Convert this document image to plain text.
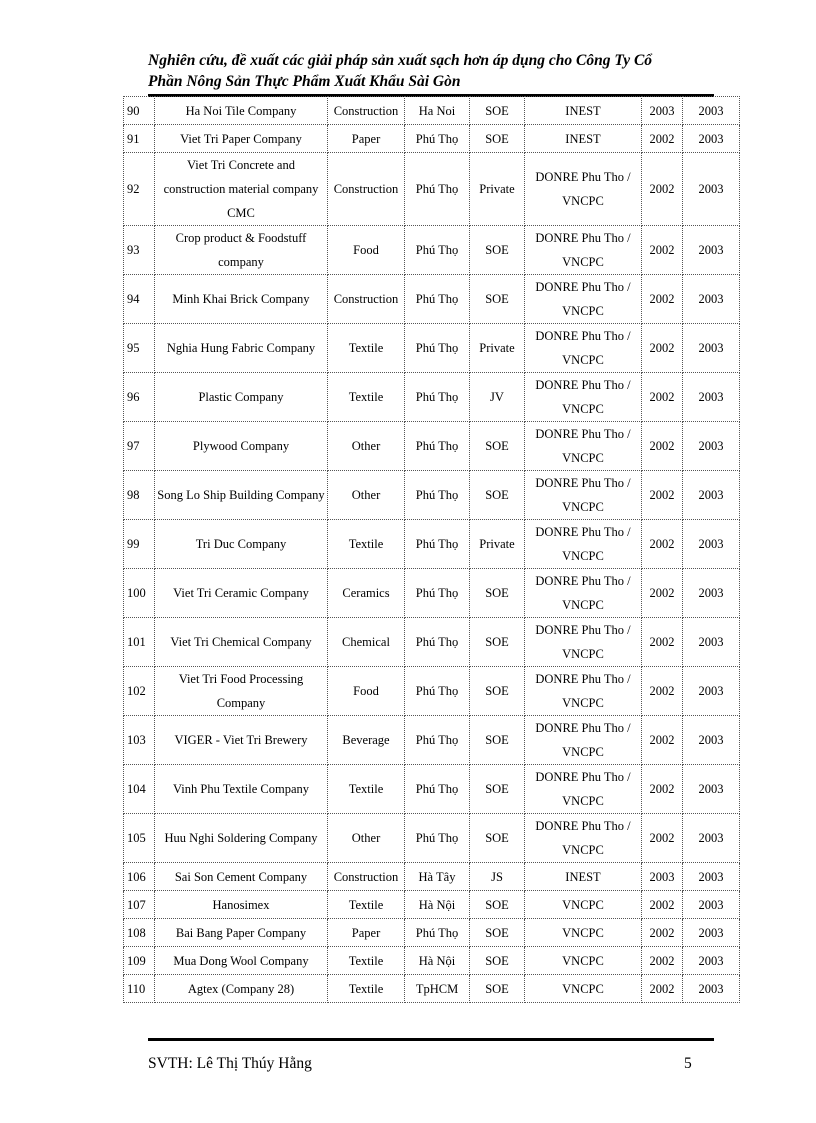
Nghiên cứu, đề xuất các giải pháp sản xuất sạch hơn áp dụng cho Công Ty Cổ
Phần Nông Sản Thực Phẩm Xuất Khẩu Sài Gòn
90	Ha Noi Tile Company	Construction	Ha Noi	SOE	INEST	2003	2003
91	Viet Tri Paper Company	Paper	Phú Thọ	SOE	INEST	2002	2003
92	Viet Tri Concrete and construction material company CMC	Construction	Phú Thọ	Private	DONRE Phu Tho / VNCPC	2002	2003
93	Crop product & Foodstuff company	Food	Phú Thọ	SOE	DONRE Phu Tho / VNCPC	2002	2003
94	Minh Khai Brick Company	Construction	Phú Thọ	SOE	DONRE Phu Tho / VNCPC	2002	2003
95	Nghia Hung Fabric Company	Textile	Phú Thọ	Private	DONRE Phu Tho / VNCPC	2002	2003
96	Plastic Company	Textile	Phú Thọ	JV	DONRE Phu Tho / VNCPC	2002	2003
97	Plywood Company	Other	Phú Thọ	SOE	DONRE Phu Tho / VNCPC	2002	2003
98	Song Lo Ship Building Company	Other	Phú Thọ	SOE	DONRE Phu Tho / VNCPC	2002	2003
99	Tri Duc Company	Textile	Phú Thọ	Private	DONRE Phu Tho / VNCPC	2002	2003
100	Viet Tri Ceramic Company	Ceramics	Phú Thọ	SOE	DONRE Phu Tho / VNCPC	2002	2003
101	Viet Tri Chemical Company	Chemical	Phú Thọ	SOE	DONRE Phu Tho / VNCPC	2002	2003
102	Viet Tri Food Processing Company	Food	Phú Thọ	SOE	DONRE Phu Tho / VNCPC	2002	2003
103	VIGER - Viet Tri Brewery	Beverage	Phú Thọ	SOE	DONRE Phu Tho / VNCPC	2002	2003
104	Vinh Phu Textile Company	Textile	Phú Thọ	SOE	DONRE Phu Tho / VNCPC	2002	2003
105	Huu Nghi Soldering Company	Other	Phú Thọ	SOE	DONRE Phu Tho / VNCPC	2002	2003
106	Sai Son Cement Company	Construction	Hà Tây	JS	INEST	2003	2003
107	Hanosimex	Textile	Hà Nội	SOE	VNCPC	2002	2003
108	Bai Bang Paper Company	Paper	Phú Thọ	SOE	VNCPC	2002	2003
109	Mua Dong Wool Company	Textile	Hà Nội	SOE	VNCPC	2002	2003
110	Agtex (Company 28)	Textile	TpHCM	SOE	VNCPC	2002	2003
SVTH: Lê Thị Thúy Hằng	5
